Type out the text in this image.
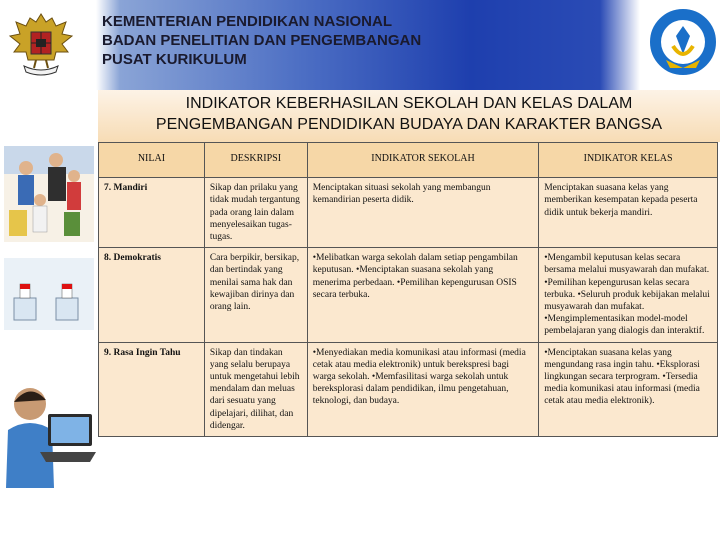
KEMENTERIAN PENDIDIKAN NASIONAL
BADAN PENELITIAN DAN PENGEMBANGAN
PUSAT KURIKULUM
INDIKATOR KEBERHASILAN SEKOLAH DAN KELAS DALAM
PENGEMBANGAN PENDIDIKAN BUDAYA DAN KARAKTER BANGSA
NILAI	DESKRIPSI	INDIKATOR SEKOLAH	INDIKATOR KELAS
7. Mandiri	Sikap dan prilaku yang tidak mudah tergantung pada orang lain dalam menyelesaikan tugas-tugas.	Menciptakan situasi sekolah yang membangun kemandirian peserta didik.	Menciptakan suasana kelas yang memberikan kesempatan kepada peserta didik untuk bekerja mandiri.
8. Demokratis	Cara berpikir, bersikap, dan bertindak yang menilai sama hak dan kewajiban dirinya dan orang lain.	•Melibatkan warga sekolah dalam setiap pengambilan keputusan. •Menciptakan suasana sekolah yang menerima perbedaan. •Pemilihan kepengurusan OSIS secara terbuka.	•Mengambil keputusan kelas secara bersama melalui musyawarah dan mufakat. •Pemilihan kepengurusan kelas secara terbuka. •Seluruh produk kebijakan melalui musyawarah dan mufakat. •Mengimplementasikan model-model pembelajaran yang dialogis dan interaktif.
9. Rasa Ingin Tahu	Sikap dan tindakan yang selalu berupaya untuk mengetahui lebih mendalam dan meluas dari sesuatu yang dipelajari, dilihat, dan didengar.	•Menyediakan media komunikasi atau informasi (media cetak atau media elektronik) untuk berekspresi bagi warga sekolah. •Memfasilitasi warga sekolah untuk bereksplorasi dalam pendidikan, ilmu pengetahuan, teknologi, dan budaya.	•Menciptakan suasana kelas yang mengundang rasa ingin tahu. •Eksplorasi lingkungan secara terprogram. •Tersedia media komunikasi atau informasi (media cetak atau media elektronik).
